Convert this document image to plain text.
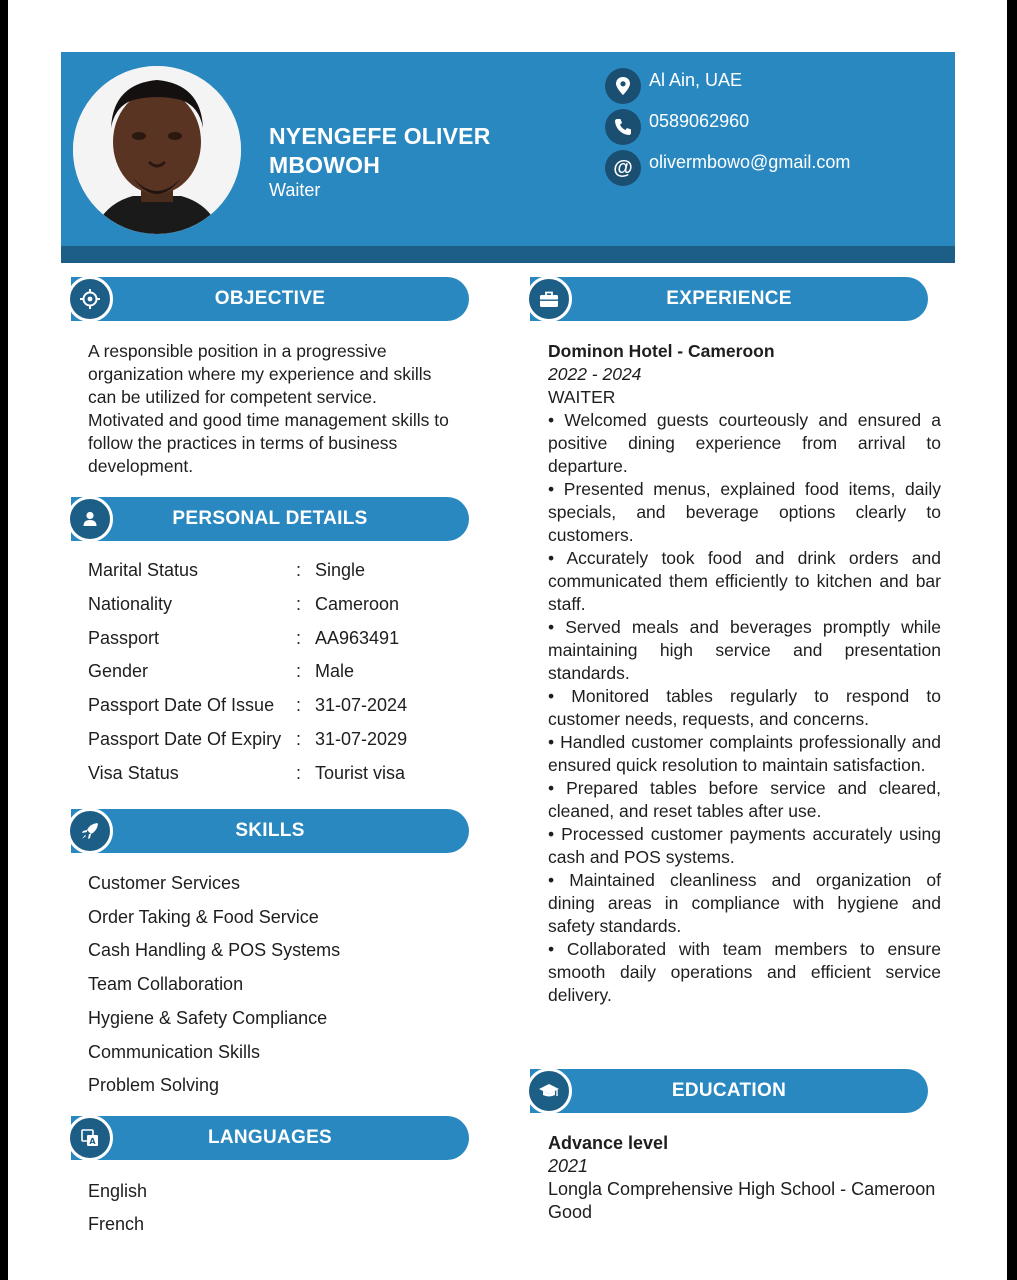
NYENGEFE OLIVER
MBOWOH
Waiter
Al Ain, UAE
0589062960
@ olivermbowo@gmail.com
OBJECTIVE
A responsible position in a progressive
organization where my experience and skills
can be utilized for competent service.
Motivated and good time management skills to
follow the practices in terms of business
development.
PERSONAL DETAILS
Marital Status	: Single
Nationality	: Cameroon
Passport	: AA963491
Gender	: Male
Passport Date Of Issue : 31-07-2024
Passport Date Of Expiry : 31-07-2029
Visa Status	: Tourist visa
SKILLS
Customer Services
Order Taking & Food Service
Cash Handling & POS Systems
Team Collaboration
Hygiene & Safety Compliance
Communication Skills
Problem Solving
LANGUAGES
A
English
French
EXPERIENCE
Dominon Hotel - Cameroon
2022 - 2024
WAITER
• Welcomed guests courteously and ensured a positive dining experience from arrival to departure.
• Presented menus, explained food items, daily specials, and beverage options clearly to customers.
• Accurately took food and drink orders and communicated them efficiently to kitchen and bar staff.
• Served meals and beverages promptly while maintaining high service and presentation standards.
• Monitored tables regularly to respond to customer needs, requests, and concerns.
• Handled customer complaints professionally and ensured quick resolution to maintain satisfaction.
• Prepared tables before service and cleared, cleaned, and reset tables after use.
• Processed customer payments accurately using cash and POS systems.
• Maintained cleanliness and organization of dining areas in compliance with hygiene and safety standards.
• Collaborated with team members to ensure smooth daily operations and efficient service delivery.
EDUCATION
Advance level
2021
Longla Comprehensive High School - Cameroon
Good
